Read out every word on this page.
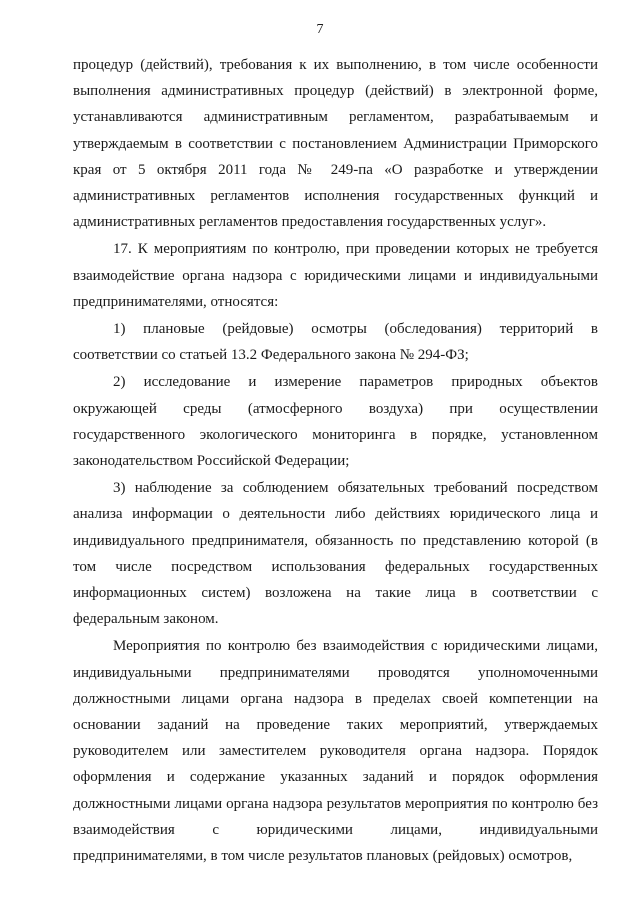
7

процедур (действий), требования к их выполнению, в том числе особенности выполнения административных процедур (действий) в электронной форме, устанавливаются административным регламентом, разрабатываемым и утверждаемым в соответствии с постановлением Администрации Приморского края от 5 октября 2011 года № 249-па «О разработке и утверждении административных регламентов исполнения государственных функций и административных регламентов предоставления государственных услуг».

17. К мероприятиям по контролю, при проведении которых не требуется взаимодействие органа надзора с юридическими лицами и индивидуальными предпринимателями, относятся:

1) плановые (рейдовые) осмотры (обследования) территорий в соответствии со статьей 13.2 Федерального закона № 294-ФЗ;

2) исследование и измерение параметров природных объектов окружающей среды (атмосферного воздуха) при осуществлении государственного экологического мониторинга в порядке, установленном законодательством Российской Федерации;

3) наблюдение за соблюдением обязательных требований посредством анализа информации о деятельности либо действиях юридического лица и индивидуального предпринимателя, обязанность по представлению которой (в том числе посредством использования федеральных государственных информационных систем) возложена на такие лица в соответствии с федеральным законом.

Мероприятия по контролю без взаимодействия с юридическими лицами, индивидуальными предпринимателями проводятся уполномоченными должностными лицами органа надзора в пределах своей компетенции на основании заданий на проведение таких мероприятий, утверждаемых руководителем или заместителем руководителя органа надзора. Порядок оформления и содержание указанных заданий и порядок оформления должностными лицами органа надзора результатов мероприятия по контролю без взаимодействия с юридическими лицами, индивидуальными предпринимателями, в том числе результатов плановых (рейдовых) осмотров,
